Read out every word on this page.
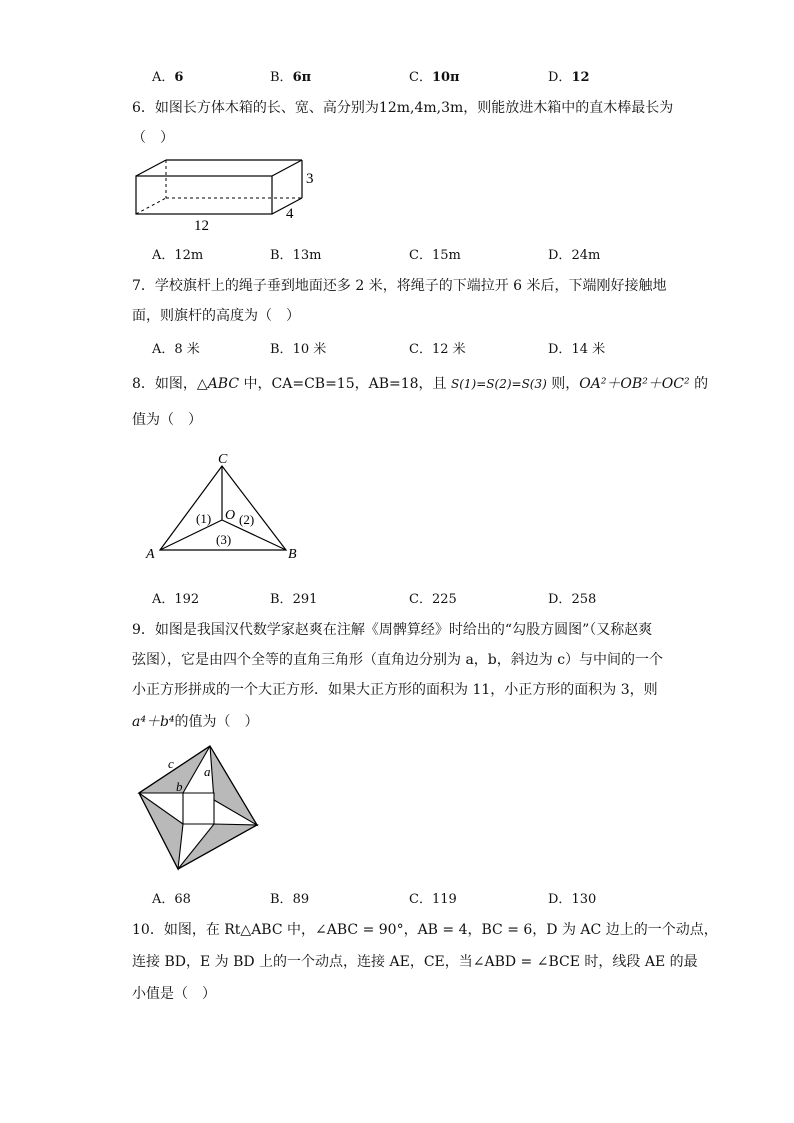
A．6	B．6π	C．10π	D．12
6．如图长方体木箱的长、宽、高分别为12m,4m,3m，则能放进木箱中的直木棒最长为
（　）
3
4
12
A．12m	B．13m	C．15m	D．24m
7．学校旗杆上的绳子垂到地面还多 2 米，将绳子的下端拉开 6 米后，下端刚好接触地
面，则旗杆的高度为（　）
A．8 米	B．10 米	C．12 米	D．14 米
8．如图，△ABC 中，CA=CB=15，AB=18，且 S(1)=S(2)=S(3) 则，OA²＋OB²＋OC² 的
值为（　）
C
O
A	B
(1) (2)
(3)
A．192	B．291	C．225	D．258
9．如图是我国汉代数学家赵爽在注解《周髀算经》时给出的“勾股方圆图”（又称赵爽
弦图），它是由四个全等的直角三角形（直角边分别为 a，b，斜边为 c）与中间的一个
小正方形拼成的一个大正方形．如果大正方形的面积为 11，小正方形的面积为 3，则
a⁴＋b⁴的值为（　）
c
a
b
A．68	B．89	C．119	D．130
10．如图，在 Rt△ABC 中，∠ABC = 90°，AB = 4，BC = 6，D 为 AC 边上的一个动点，
连接 BD，E 为 BD 上的一个动点，连接 AE，CE，当∠ABD = ∠BCE 时，线段 AE 的最
小值是（　）
